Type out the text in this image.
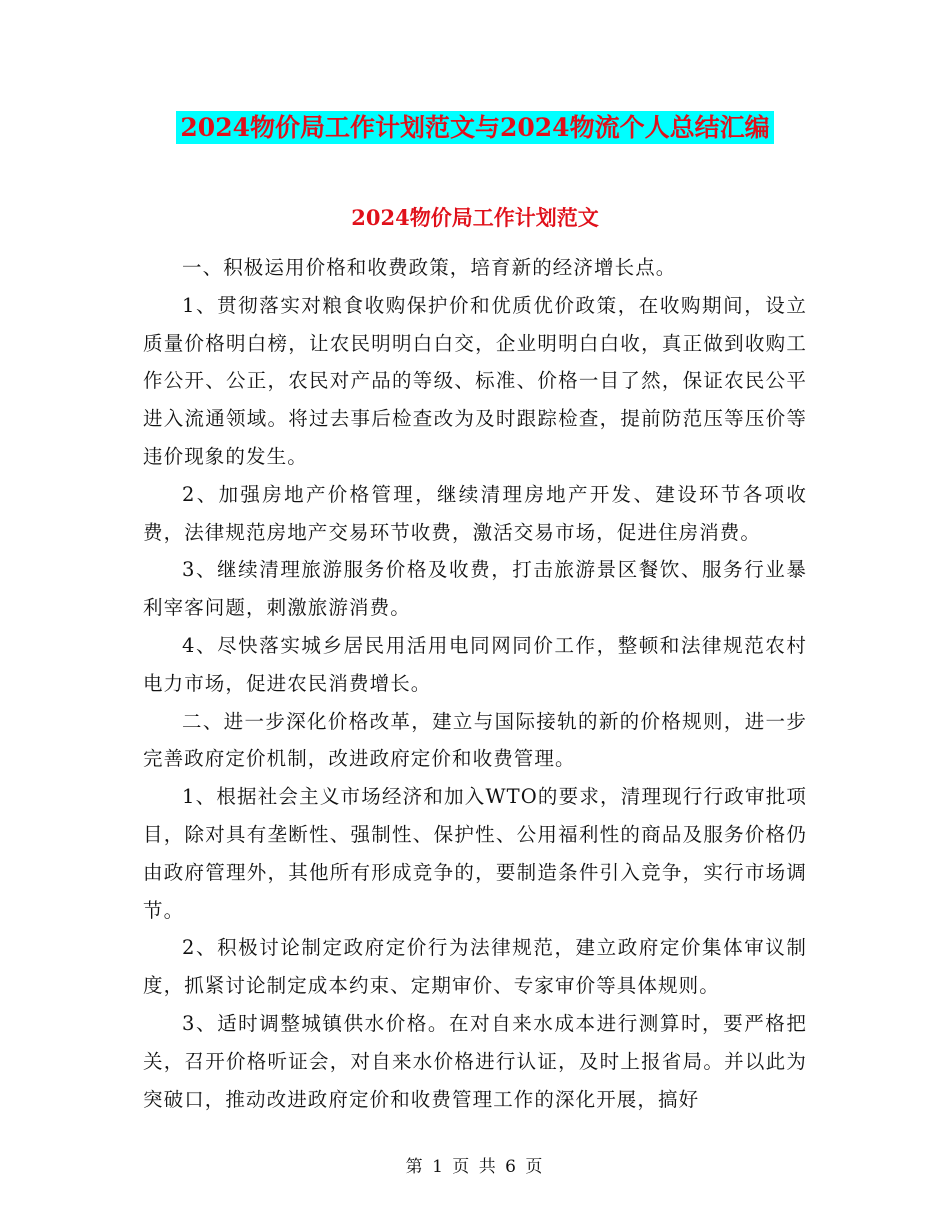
2024物价局工作计划范文与2024物流个人总结汇编
2024物价局工作计划范文

一、积极运用价格和收费政策，培育新的经济增长点。

1、贯彻落实对粮食收购保护价和优质优价政策，在收购期间，设立质量价格明白榜，让农民明明白白交，企业明明白白收，真正做到收购工作公开、公正，农民对产品的等级、标准、价格一目了然，保证农民公平进入流通领域。将过去事后检查改为及时跟踪检查，提前防范压等压价等违价现象的发生。

2、加强房地产价格管理，继续清理房地产开发、建设环节各项收费，法律规范房地产交易环节收费，激活交易市场，促进住房消费。

3、继续清理旅游服务价格及收费，打击旅游景区餐饮、服务行业暴利宰客问题，刺激旅游消费。

4、尽快落实城乡居民用活用电同网同价工作，整顿和法律规范农村电力市场，促进农民消费增长。

二、进一步深化价格改革，建立与国际接轨的新的价格规则，进一步完善政府定价机制，改进政府定价和收费管理。

1、根据社会主义市场经济和加入WTO的要求，清理现行行政审批项目，除对具有垄断性、强制性、保护性、公用福利性的商品及服务价格仍由政府管理外，其他所有形成竞争的，要制造条件引入竞争，实行市场调节。

2、积极讨论制定政府定价行为法律规范，建立政府定价集体审议制度，抓紧讨论制定成本约束、定期审价、专家审价等具体规则。

3、适时调整城镇供水价格。在对自来水成本进行测算时，要严格把关，召开价格听证会，对自来水价格进行认证，及时上报省局。并以此为突破口，推动改进政府定价和收费管理工作的深化开展，搞好

第 1 页 共 6 页
